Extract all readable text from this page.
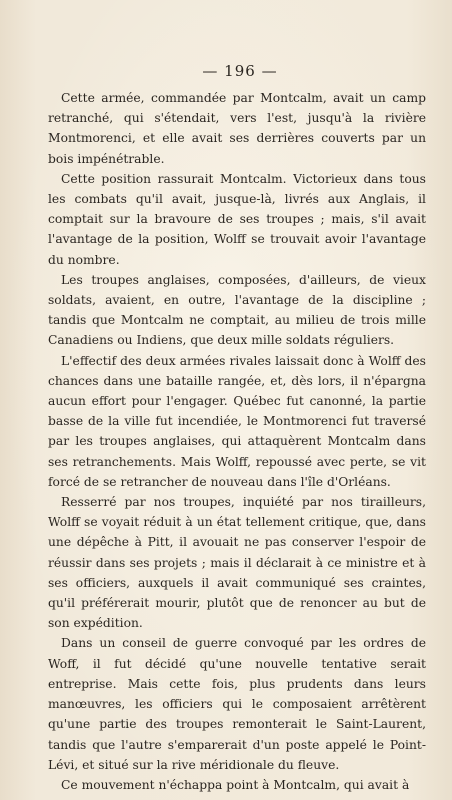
— 196 —

Cette armée, commandée par Montcalm, avait un camp retranché, qui s'étendait, vers l'est, jusqu'à la rivière Montmorenci, et elle avait ses derrières couverts par un bois impénétrable.

Cette position rassurait Montcalm. Victorieux dans tous les combats qu'il avait, jusque-là, livrés aux Anglais, il comptait sur la bravoure de ses troupes ; mais, s'il avait l'avantage de la position, Wolff se trouvait avoir l'avantage du nombre.

Les troupes anglaises, composées, d'ailleurs, de vieux soldats, avaient, en outre, l'avantage de la discipline ; tandis que Montcalm ne comptait, au milieu de trois mille Canadiens ou Indiens, que deux mille soldats réguliers.

L'effectif des deux armées rivales laissait donc à Wolff des chances dans une bataille rangée, et, dès lors, il n'épargna aucun effort pour l'engager. Québec fut canonné, la partie basse de la ville fut incendiée, le Montmorenci fut traversé par les troupes anglaises, qui attaquèrent Montcalm dans ses retranchements. Mais Wolff, repoussé avec perte, se vit forcé de se retrancher de nouveau dans l'île d'Orléans.

Resserré par nos troupes, inquiété par nos tirailleurs, Wolff se voyait réduit à un état tellement critique, que, dans une dépêche à Pitt, il avouait ne pas conserver l'espoir de réussir dans ses projets ; mais il déclarait à ce ministre et à ses officiers, auxquels il avait communiqué ses craintes, qu'il préférerait mourir, plutôt que de renoncer au but de son expédition.

Dans un conseil de guerre convoqué par les ordres de Woff, il fut décidé qu'une nouvelle tentative serait entreprise. Mais cette fois, plus prudents dans leurs manœuvres, les officiers qui le composaient arrêtèrent qu'une partie des troupes remonterait le Saint-Laurent, tandis que l'autre s'emparerait d'un poste appelé le Point-Lévi, et situé sur la rive méridionale du fleuve.

Ce mouvement n'échappa point à Montcalm, qui avait à
